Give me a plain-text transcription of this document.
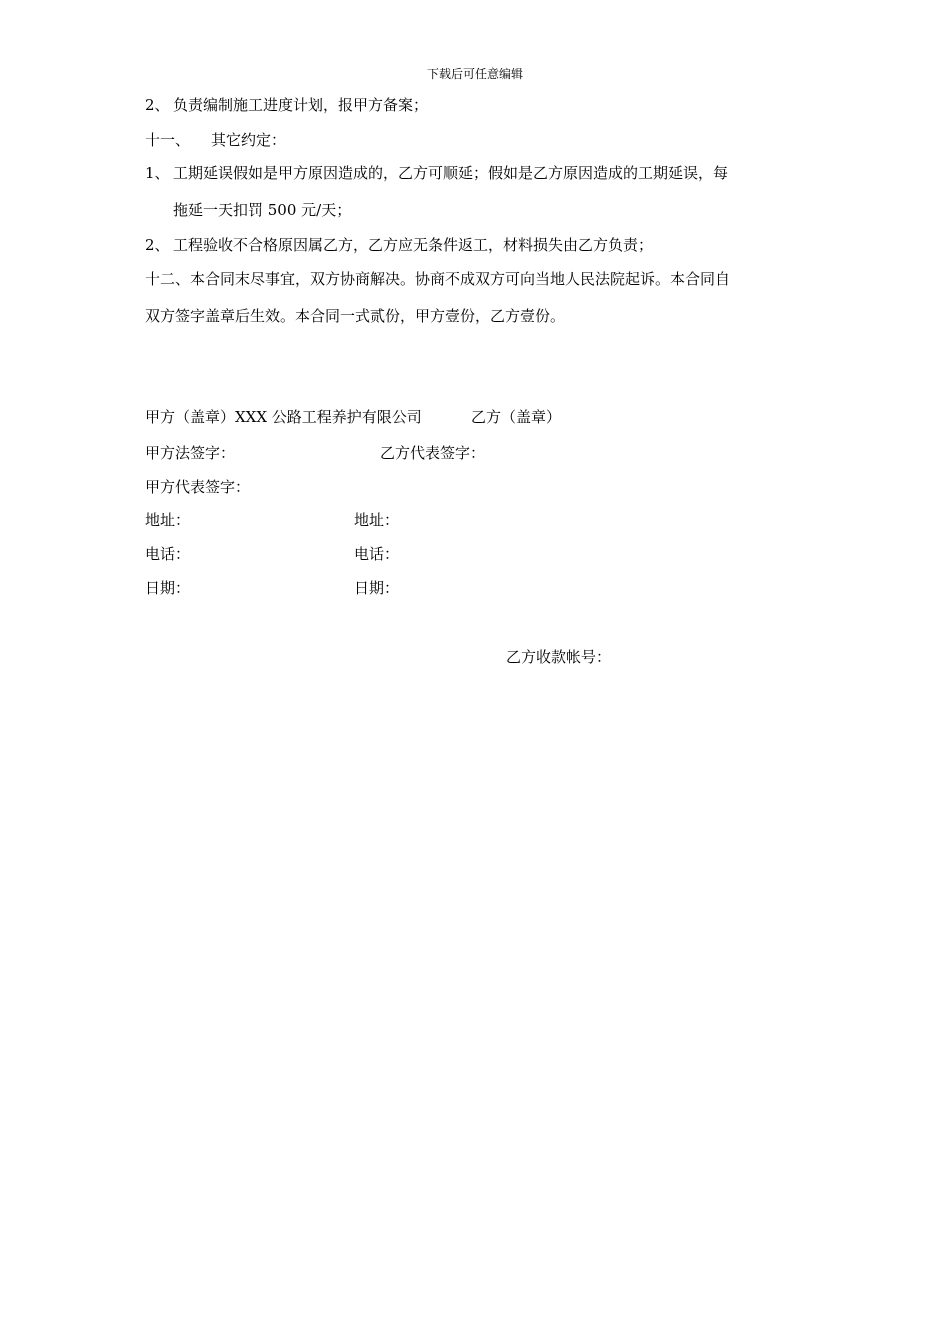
下载后可任意编辑
2、 负责编制施工进度计划，报甲方备案；
十一、 其它约定：
1、 工期延误假如是甲方原因造成的，乙方可顺延；假如是乙方原因造成的工期延误，每
拖延一天扣罚 500 元/天；
2、 工程验收不合格原因属乙方，乙方应无条件返工，材料损失由乙方负责；
十二、本合同末尽事宜，双方协商解决。协商不成双方可向当地人民法院起诉。本合同自
双方签字盖章后生效。本合同一式贰份，甲方壹份，乙方壹份。
甲方（盖章）XXX 公路工程养护有限公司	乙方（盖章）
甲方法签字：	乙方代表签字：
甲方代表签字：
地址：	地址：
电话：	电话：
日期：	日期：
乙方收款帐号：
